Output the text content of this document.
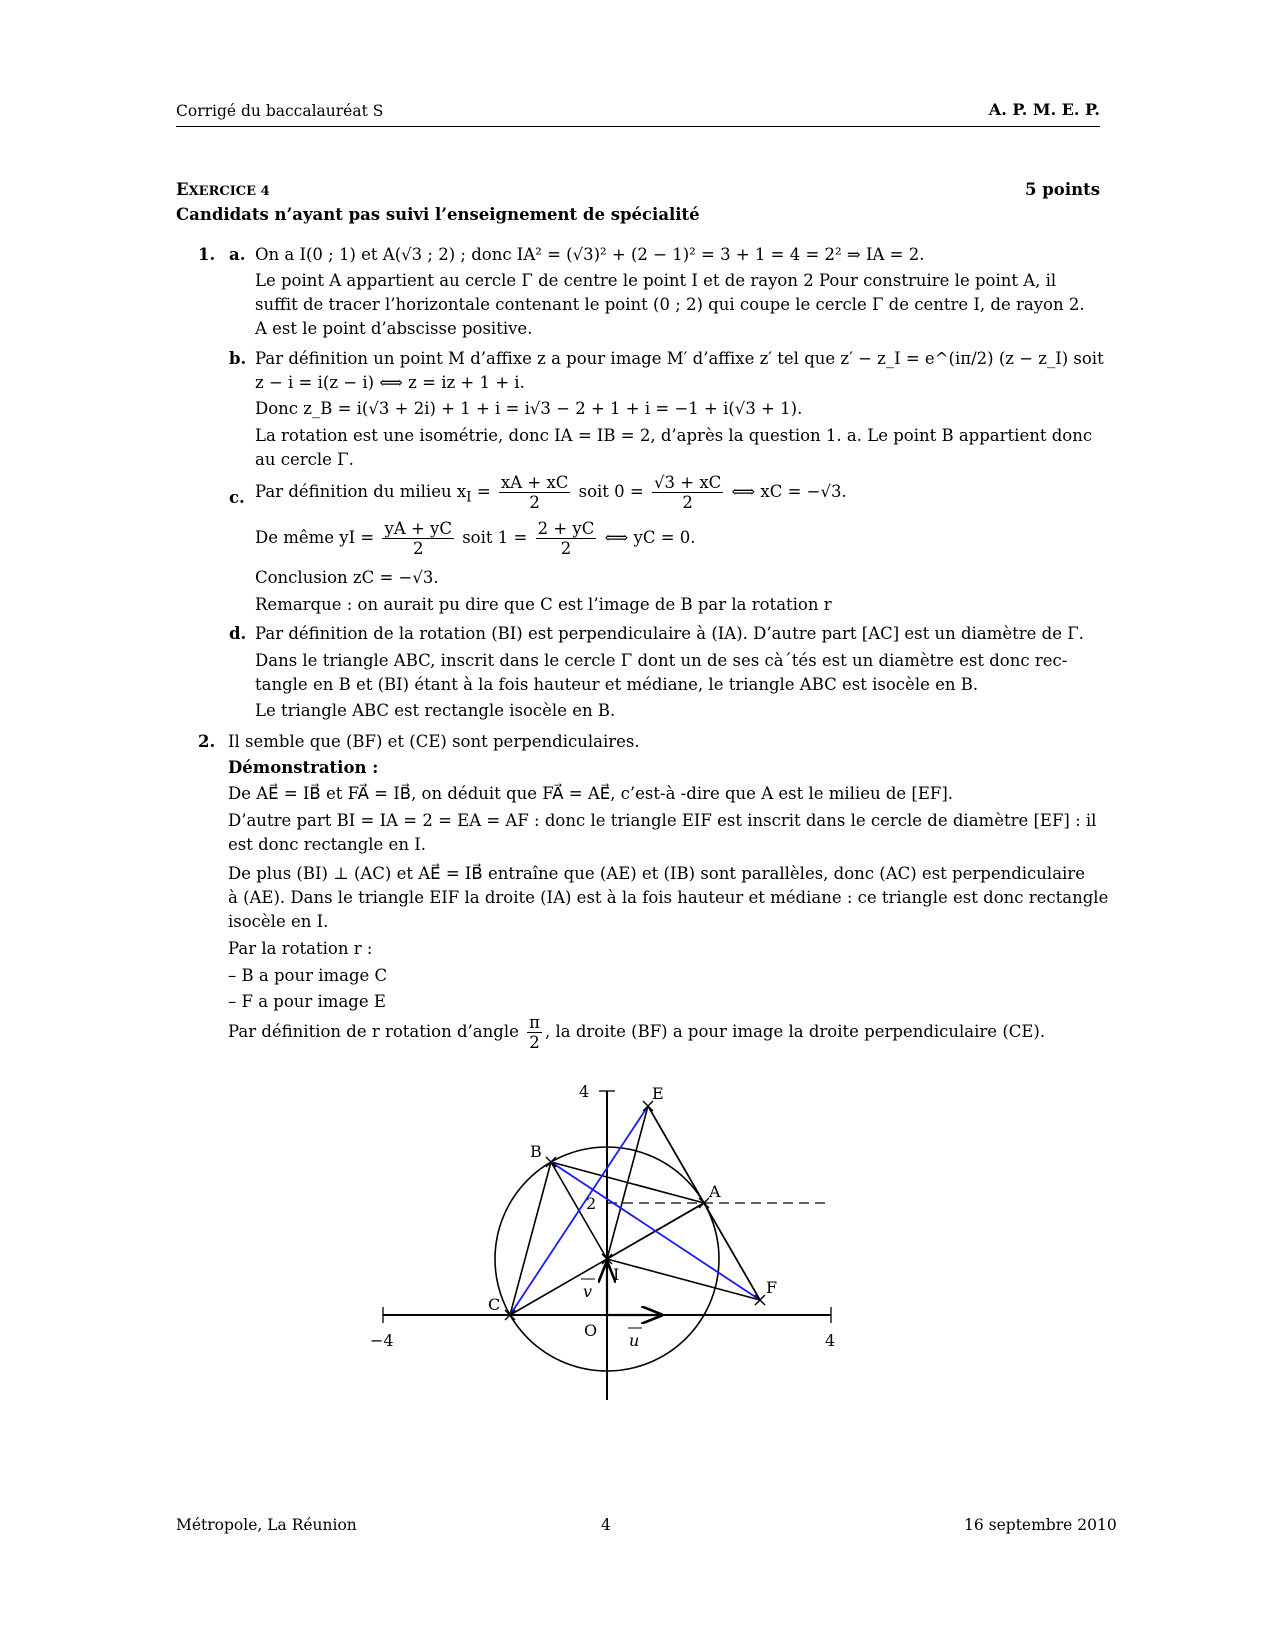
Corrigé du baccalauréat S	A. P. M. E. P.
EXERCICE 4	5 points
Candidats n’ayant pas suivi l’enseignement de spécialité
1. a. On a I(0 ; 1) et A(√3 ; 2) ; donc IA² = (√3)² + (2 − 1)² = 3 + 1 = 4 = 2² ⇒ IA = 2.
Le point A appartient au cercle Γ de centre le point I et de rayon 2 Pour construire le point A, il
suffit de tracer l’horizontale contenant le point (0 ; 2) qui coupe le cercle Γ de centre I, de rayon 2.
A est le point d’abscisse positive.
b. Par définition un point M d’affixe z a pour image M′ d’affixe z′ tel que z′ − z_I = e^(iπ/2) (z − z_I) soit
z − i = i(z − i) ⟺ z = iz + 1 + i.
Donc z_B = i(√3 + 2i) + 1 + i = i√3 − 2 + 1 + i = −1 + i(√3 + 1).
La rotation est une isométrie, donc IA = IB = 2, d’après la question 1. a. Le point B appartient donc
au cercle Γ.
c. Par définition du milieu $x_I = \frac{xA + xC}{2}$ soit $0 = \frac{√3 + xC}{2}$ ⟺ xC = −√3.
De même yI = $\frac{yA + yC}{2}$ soit $1 = \frac{2 + yC}{2}$ ⟺ yC = 0.
Conclusion zC = −√3.
Remarque : on aurait pu dire que C est l’image de B par la rotation r
d. Par définition de la rotation (BI) est perpendiculaire à (IA). D’autre part [AC] est un diamètre de Γ.
Dans le triangle ABC, inscrit dans le cercle Γ dont un de ses cà´tés est un diamètre est donc rec-
tangle en B et (BI) étant à la fois hauteur et médiane, le triangle ABC est isocèle en B.
Le triangle ABC est rectangle isocèle en B.
2. Il semble que (BF) et (CE) sont perpendiculaires.
Démonstration :
De AE⃗ = IB⃗ et FA⃗ = IB⃗, on déduit que FA⃗ = AE⃗, c’est-à -dire que A est le milieu de [EF].
D’autre part BI = IA = 2 = EA = AF : donc le triangle EIF est inscrit dans le cercle de diamètre [EF] : il
est donc rectangle en I.
De plus (BI) ⊥ (AC) et AE⃗ = IB⃗ entraîne que (AE) et (IB) sont parallèles, donc (AC) est perpendiculaire
à (AE). Dans le triangle EIF la droite (IA) est à la fois hauteur et médiane : ce triangle est donc rectangle
isocèle en I.
Par la rotation r :
– B a pour image C
– F a pour image E
Par définition de r rotation d’angle $\frac{\pi}{2}$ , la droite (BF) a pour image la droite perpendiculaire (CE).
E
B
A
F
C
I
O
u
v
2
4
−4	4
Métropole, La Réunion	4	16 septembre 2010
